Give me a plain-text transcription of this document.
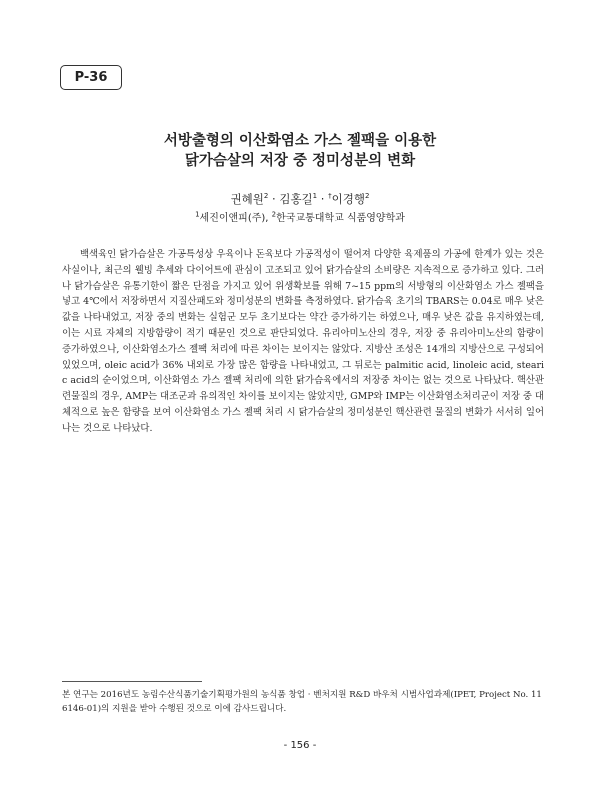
P-36
서방출형의 이산화염소 가스 젤팩을 이용한
닭가슴살의 저장 중 정미성분의 변화
권혜원$^2$ · 김홍길$^1$ · †이경행$^2$
$^1$세진이앤피(주), $^2$한국교통대학교 식품영양학과

백색육인 닭가슴살은 가공특성상 우육이나 돈육보다 가공적성이 떨어져 다양한 육제품의 가공에 한계가 있는 것은 사실이나, 최근의 웰빙 추세와 다이어트에 관심이 고조되고 있어 닭가슴살의 소비량은 지속적으로 증가하고 있다. 그러나 닭가슴살은 유통기한이 짧은 단점을 가지고 있어 위생확보를 위해 7~15 ppm의 서방형의 이산화염소 가스 젤팩을 넣고 4℃에서 저장하면서 지질산패도와 정미성분의 변화를 측정하였다. 닭가슴육 초기의 TBARS는 0.04로 매우 낮은 값을 나타내었고, 저장 중의 변화는 실험군 모두 초기보다는 약간 증가하기는 하였으나, 매우 낮은 값을 유지하였는데, 이는 시료 자체의 지방함량이 적기 때문인 것으로 판단되었다. 유리아미노산의 경우, 저장 중 유리아미노산의 함량이 증가하였으나, 이산화염소가스 젤팩 처리에 따른 차이는 보이지는 않았다. 지방산 조성은 14개의 지방산으로 구성되어 있었으며, oleic acid가 36% 내외로 가장 많은 함량을 나타내었고, 그 뒤로는 palmitic acid, linoleic acid, stearic acid의 순이었으며, 이산화염소 가스 젤팩 처리에 의한 닭가슴육에서의 저장중 차이는 없는 것으로 나타났다. 핵산관련물질의 경우, AMP는 대조군과 유의적인 차이를 보이지는 않았지만, GMP와 IMP는 이산화염소처리군이 저장 중 대체적으로 높은 함량을 보여 이산화염소 가스 젤팩 처리 시 닭가슴살의 정미성분인 핵산관련 물질의 변화가 서서히 일어나는 것으로 나타났다.

본 연구는 2016년도 농림수산식품기술기획평가원의 농식품 창업 · 벤처지원 R&D 바우처 시범사업과제(IPET, Project No. 116146-01)의 지원을 받아 수행된 것으로 이에 감사드립니다.

- 156 -
